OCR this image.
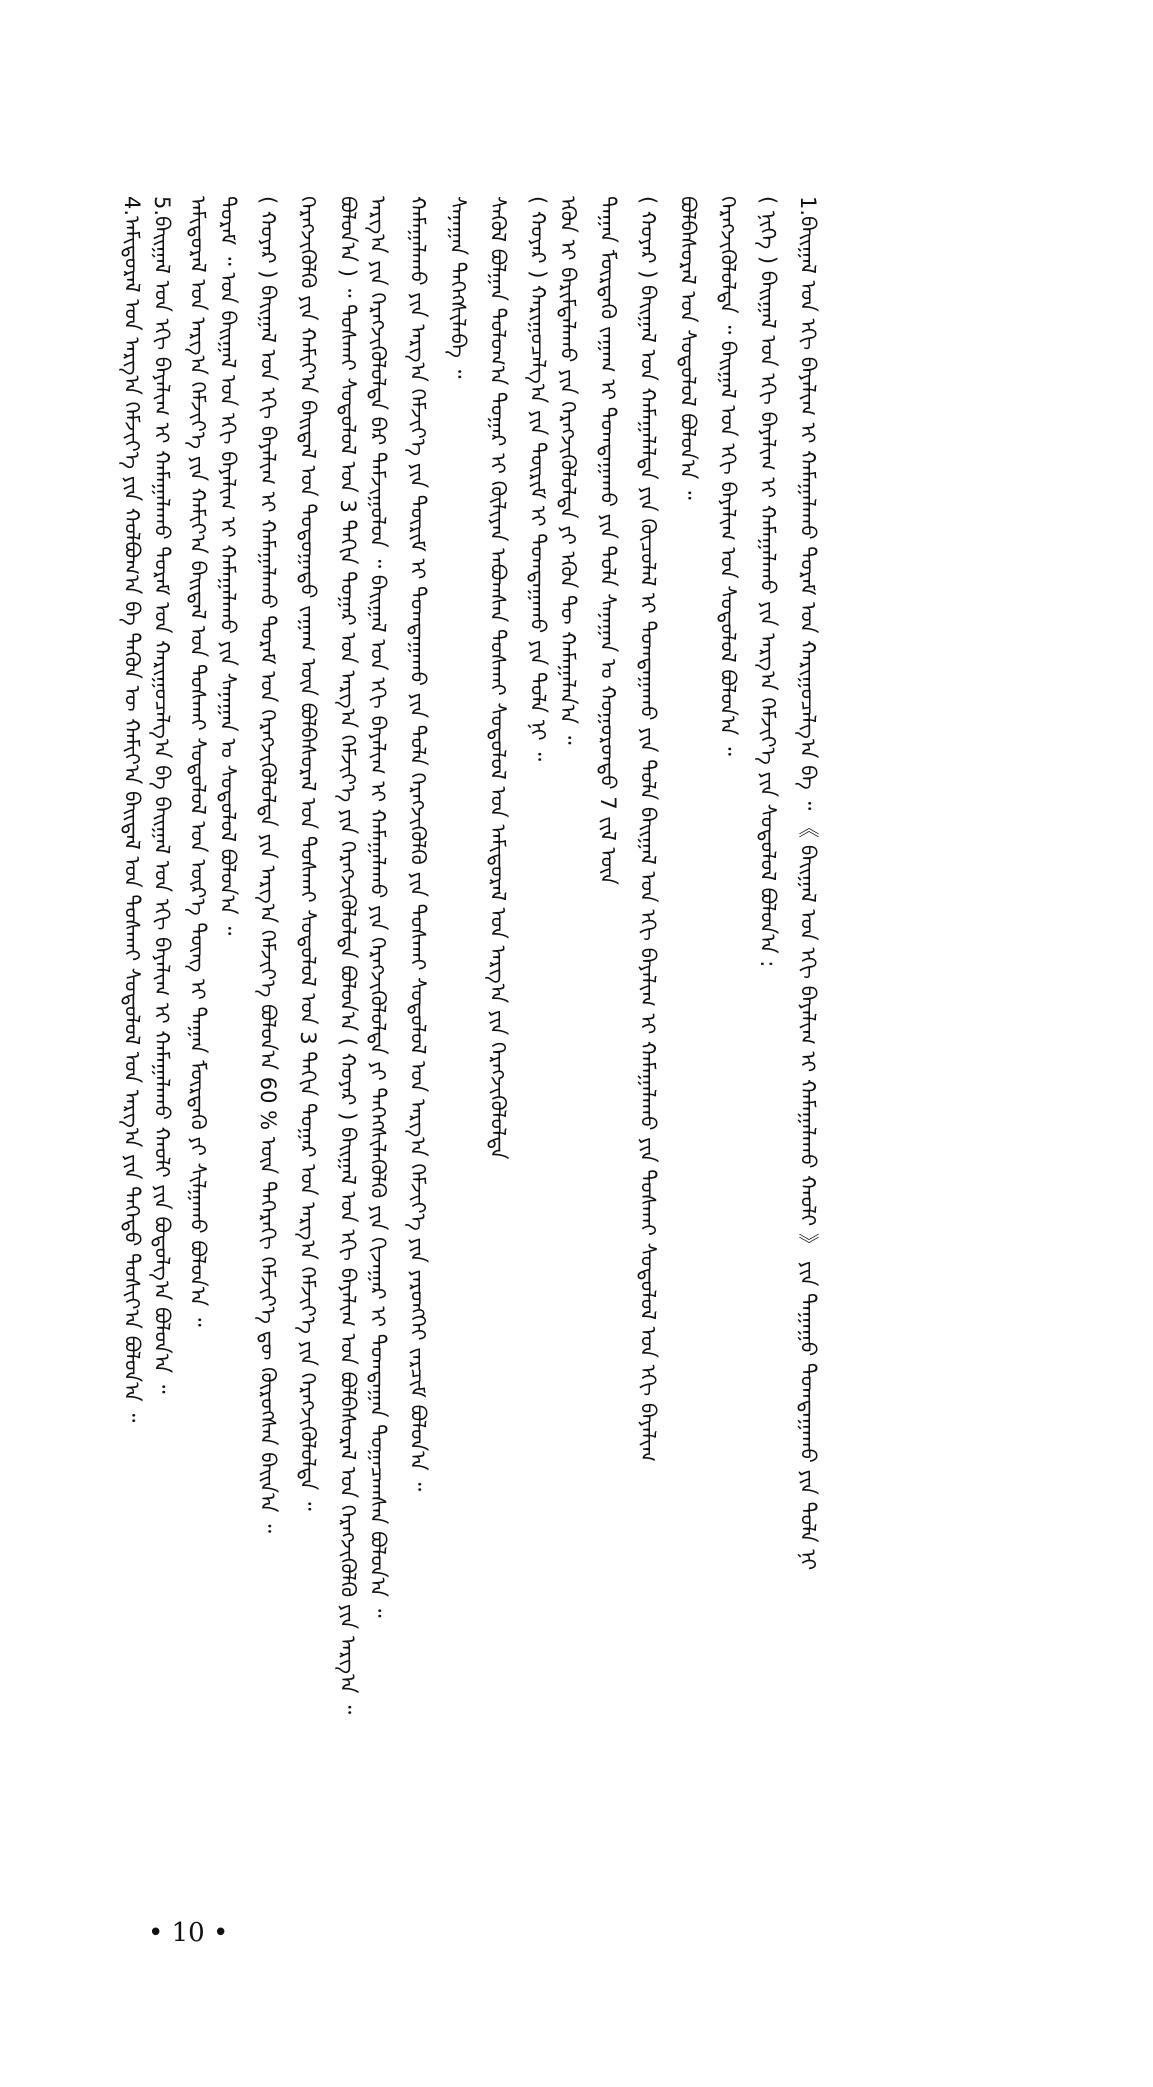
4.ᠠᠮᠢᠳᠤᠷᠠᠯ ᠤᠨ ᠠᠷᠭ᠎ᠠ ᠬᠡᠮᠵᠢᠶ᠎ᠡ ᠶᠢᠨ ᠬᠣᠯᠪᠣᠭ᠎ᠠ ᠪᠠ ᠲᠡᠭᠦᠨ ᠦ ᠬᠠᠮᠢᠶ᠎ᠠ ᠪᠠᠢᠳᠠᠯ ᠤᠨ ᠲᠤᠰᠬᠠᠢ ᠰᠤᠳᠤᠯᠤᠯ ᠤᠨ ᠠᠷᠭ᠎ᠠ ᠶᠢᠨ ᠳᠡᠭᠡᠳᠦ ᠳᠤᠰᠢᠶ᠎ᠠ ᠪᠣᠯᠤᠨ᠎ᠠ ᠃ 5.ᠪᠠᠢᠭᠠᠯ ᠤᠨ ᠡᠬᠢ ᠪᠠᠶᠠᠯᠢᠭ ᠢ ᠬᠠᠮᠠᠭᠠᠯᠠᠬᠤ ᠳᠤᠷᠠᠮ ᠤᠨ ᠬᠠᠷᠢᠭᠤᠴᠠᠯᠭ᠎ᠠ ᠪᠠ ᠪᠠᠢᠭᠠᠯ ᠤᠨ ᠡᠬᠢ ᠪᠠᠶᠠᠯᠢᠭ ᠢ ᠬᠠᠮᠠᠭᠠᠯᠠᠬᠤ ᠬᠠᠤᠯᠢ ᠶᠢᠨ ᠪᠣᠳᠤᠯᠭ᠎ᠠ ᠪᠣᠯᠤᠨ᠎ᠠ ᠃ ᠠᠮᠢᠳᠤᠷᠠᠯ ᠤᠨ ᠠᠷᠭ᠎ᠠ ᠬᠡᠮᠵᠢᠶ᠎ᠡ ᠶᠢᠨ ᠬᠠᠮᠢᠶ᠎ᠠ ᠪᠠᠢᠳᠠᠯ ᠤᠨ ᠲᠤᠰᠬᠠᠢ ᠰᠤᠳᠤᠯᠤᠯ ᠤᠨ ᠦᠷ᠎ᠡ ᠳᠦᠩ ᠢ ᠳᠠᠭᠠᠨ ᠮᠦᠷᠳᠡᠬᠦ ᠶᠢ ᠰᠢᠯᠭᠠᠬᠤ ᠪᠣᠯᠤᠨ᠎ᠠ ᠃ ᠳᠤᠷᠠᠮ ᠃ ᠤᠨ ᠪᠠᠢᠭᠠᠯ ᠤᠨ ᠡᠬᠢ ᠪᠠᠶᠠᠯᠢᠭ ᠢ ᠬᠠᠮᠠᠭᠠᠯᠠᠬᠤ ᠶᠢᠨ ᠰᠠᠨᠠᠭᠠᠨ ᠤ ᠰᠤᠳᠤᠯᠤᠯ ᠪᠣᠯᠤᠨ᠎ᠠ ᠃ ( ᠬᠣᠶᠠᠷ ) ᠪᠠᠢᠭᠠᠯ ᠤᠨ ᠡᠬᠢ ᠪᠠᠶᠠᠯᠢᠭ ᠢ ᠬᠠᠮᠠᠭᠠᠯᠠᠬᠤ ᠳᠤᠷᠠᠮ ᠤᠨ ᠬᠡᠷᠡᠭᠵᠢᠭᠦᠯᠦᠯᠲᠡ ᠶᠢᠨ ᠠᠷᠭ᠎ᠠ ᠬᠡᠮᠵᠢᠶ᠎ᠡ ᠪᠣᠯᠤᠨ᠎ᠠ 60 % ᠦᠨ ᠳᠡᠭᠡᠷᠡᠬᠢ ᠬᠡᠮᠵᠢᠶ᠎ᠡ ᠳᠦ ᠬᠦᠷᠦᠭᠰᠡᠨ ᠪᠠᠢᠨ᠎ᠠ ᠃ ᠬᠡᠷᠡᠭᠵᠢᠭᠦᠯᠬᠦ ᠶᠢᠨ ᠬᠠᠮᠢᠶ᠎ᠠ ᠪᠠᠢᠳᠠᠯ ᠤᠨ ᠳᠣᠲᠣᠭᠠᠳᠤ ᠵᠠᠭᠠᠭ ᠦᠨ ᠪᠣᠯᠪᠠᠰᠤᠷᠠᠯ ᠤᠨ ᠲᠤᠰᠬᠠᠢ ᠰᠤᠳᠤᠯᠤᠯ ᠤᠨ 3 ᠳᠠᠬᠢᠨ ᠳᠤᠭᠠᠷ ᠤᠨ ᠠᠷᠭ᠎ᠠ ᠬᠡᠮᠵᠢᠶ᠎ᠡ ᠶᠢᠨ ᠬᠡᠷᠡᠭᠵᠢᠭᠦᠯᠦᠯᠲᠡ ᠃ ᠪᠣᠯᠤᠨ᠎ᠠ ) ᠃ ᠲᠤᠰᠬᠠᠢ ᠰᠤᠳᠤᠯᠤᠯ ᠤᠨ 3 ᠳᠠᠬᠢᠨ ᠳᠤᠭᠠᠷ ᠤᠨ ᠠᠷᠭ᠎ᠠ ᠬᠡᠮᠵᠢᠶ᠎ᠡ ᠶᠢᠨ ᠬᠡᠷᠡᠭᠵᠢᠭᠦᠯᠦᠯᠲᠡ ᠪᠣᠯᠤᠨ᠎ᠠ ( ᠬᠣᠶᠠᠷ ) ᠪᠠᠢᠭᠠᠯ ᠤᠨ ᠡᠬᠢ ᠪᠠᠶᠠᠯᠢᠭ ᠤᠨ ᠪᠣᠯᠪᠠᠰᠤᠷᠠᠯ ᠤᠨ ᠬᠡᠷᠡᠭᠵᠢᠭᠦᠯᠬᠦ ᠶᠢᠨ ᠠᠷᠭ᠎ᠠ ᠃ ᠠᠷᠭ᠎ᠠ ᠶᠢᠨ ᠬᠡᠷᠡᠭᠵᠢᠭᠦᠯᠦᠯᠲᠡ ᠪᠡᠷ ᠳᠠᠮᠵᠢᠭᠤᠯᠤᠨ ᠃ ᠪᠠᠢᠭᠠᠯ ᠤᠨ ᠡᠬᠢ ᠪᠠᠶᠠᠯᠢᠭ ᠢ ᠬᠠᠮᠠᠭᠠᠯᠠᠬᠤ ᠶᠢᠨ ᠬᠡᠷᠡᠭᠵᠢᠭᠦᠯᠦᠯᠲᠡ ᠶᠢ ᠳᠡᠭᠡᠭᠰᠢᠯᠡᠭᠦᠯᠬᠦ ᠶᠢᠨ ᠬᠢᠵᠠᠭᠠᠷ ᠢ ᠲᠣᠭᠲᠠᠭᠠᠨ ᠲᠣᠭᠠᠴᠠᠭᠰᠠᠨ ᠪᠣᠯᠤᠨ᠎ᠠ ᠃ ᠬᠠᠮᠠᠭᠠᠯᠠᠬᠤ ᠶᠢᠨ ᠠᠷᠭ᠎ᠠ ᠬᠡᠮᠵᠢᠶ᠎ᠡ ᠶᠢᠨ ᠳᠦᠷᠢᠮ ᠢ ᠲᠣᠭᠲᠠᠭᠠᠬᠤ ᠶᠢᠨ ᠲᠤᠯᠠ ᠬᠡᠷᠡᠭᠵᠢᠭᠦᠯᠬᠦ ᠶᠢᠨ ᠲᠤᠰᠬᠠᠢ ᠰᠤᠳᠤᠯᠤᠯ ᠤᠨ ᠠᠷᠭ᠎ᠠ ᠬᠡᠮᠵᠢᠶ᠎ᠡ ᠶᠢᠨ ᠶᠡᠷᠦᠩᠬᠡᠢ ᠵᠠᠷᠴᠢᠮ ᠪᠣᠯᠤᠨ᠎ᠠ ᠃ ᠰᠠᠨᠠᠭᠠᠨ ᠳᠡᠭᠡᠭᠰᠢᠯᠡᠪᠡ ᠃ ᠰᠡᠭᠦᠯ ᠪᠣᠯᠭᠠᠨ ᠳᠤᠯᠤᠭ᠎ᠠ ᠳᠤᠭᠠᠷ ᠢ ᠬᠦᠯᠢᠶᠡᠨ ᠠᠪᠤᠭᠰᠠᠨ ᠲᠤᠰᠬᠠᠢ ᠰᠤᠳᠤᠯᠤᠯ ᠤᠨ ᠠᠮᠢᠳᠤᠷᠠᠯ ᠤᠨ ᠠᠷᠭ᠎ᠠ ᠶᠢᠨ ᠬᠡᠷᠡᠭᠵᠢᠭᠦᠯᠦᠯᠲᠡ ( ᠬᠣᠶᠠᠷ ) ᠬᠠᠷᠢᠭᠤᠴᠠᠯᠭ᠎ᠠ ᠶᠢᠨ ᠳᠦᠷᠢᠮ ᠢ ᠲᠣᠭᠲᠠᠭᠠᠬᠤ ᠶᠢᠨ ᠲᠤᠯᠠ ᠨᠢ ᠃ ᠡᠭᠦᠨ ᠢ ᠪᠠᠷᠢᠮᠲᠠᠯᠠᠬᠤ ᠶᠢᠨ ᠬᠡᠷᠡᠭᠵᠢᠭᠦᠯᠦᠯᠲᠡ ᠶᠢ ᠡᠭᠦᠨ ᠲᠦ ᠬᠠᠮᠠᠭᠠᠯᠠᠨ᠎ᠠ ᠃ ᠳᠠᠭᠠᠨ ᠮᠦᠷᠳᠡᠬᠦ ᠵᠠᠭᠠᠭ ᠢ ᠲᠣᠭᠲᠠᠭᠠᠬᠤ ᠶᠢᠨ ᠲᠤᠯᠠ ᠰᠠᠨᠠᠭᠠᠨ ᠤ ᠬᠣᠭᠤᠷᠤᠨᠳᠤ 7 ᠵᠢᠯ ᠦᠨ ( ᠬᠣᠶᠠᠷ ) ᠪᠠᠢᠭᠠᠯ ᠤᠨ ᠬᠠᠮᠠᠭᠠᠯᠠᠯᠲᠠ ᠶᠢᠨ ᠬᠦᠴᠦᠯᠡᠯ ᠢ ᠲᠣᠭᠲᠠᠭᠠᠬᠤ ᠶᠢᠨ ᠲᠤᠯᠠ ᠪᠠᠢᠭᠠᠯ ᠤᠨ ᠡᠬᠢ ᠪᠠᠶᠠᠯᠢᠭ ᠢ ᠬᠠᠮᠠᠭᠠᠯᠠᠬᠤ ᠶᠢᠨ ᠲᠤᠰᠬᠠᠢ ᠰᠤᠳᠤᠯᠤᠯ ᠤᠨ ᠡᠬᠢ ᠪᠠᠶᠠᠯᠢᠭ ᠪᠣᠯᠪᠠᠰᠤᠷᠠᠯ ᠤᠨ ᠰᠤᠳᠤᠯᠤᠯ ᠪᠣᠯᠤᠨ᠎ᠠ ᠃ ᠬᠡᠷᠡᠭᠵᠢᠭᠦᠯᠦᠯᠲᠡ ᠃ ᠪᠠᠢᠭᠠᠯ ᠤᠨ ᠡᠬᠢ ᠪᠠᠶᠠᠯᠢᠭ ᠤᠨ ᠰᠤᠳᠤᠯᠤᠯ ᠪᠣᠯᠤᠨ᠎ᠠ ᠃ ( ᠨᠢᠭᠡ ) ᠪᠠᠢᠭᠠᠯ ᠤᠨ ᠡᠬᠢ ᠪᠠᠶᠠᠯᠢᠭ ᠢ ᠬᠠᠮᠠᠭᠠᠯᠠᠬᠤ ᠶᠢᠨ ᠠᠷᠭ᠎ᠠ ᠬᠡᠮᠵᠢᠶ᠎ᠡ ᠶᠢᠨ ᠰᠤᠳᠤᠯᠤᠯ ᠪᠣᠯᠤᠨ᠎ᠠ : 1.ᠪᠠᠢᠭᠠᠯ ᠤᠨ ᠡᠬᠢ ᠪᠠᠶᠠᠯᠢᠭ ᠢ ᠬᠠᠮᠠᠭᠠᠯᠠᠬᠤ ᠳᠤᠷᠠᠮ ᠤᠨ ᠬᠠᠷᠢᠭᠤᠴᠠᠯᠭ᠎ᠠ ᠪᠠ ᠃ 《 ᠪᠠᠢᠭᠠᠯ ᠤᠨ ᠡᠬᠢ ᠪᠠᠶᠠᠯᠢᠭ ᠢ ᠬᠠᠮᠠᠭᠠᠯᠠᠬᠤ ᠬᠠᠤᠯᠢ 》 ᠶᠢᠨ ᠳᠠᠭᠠᠭᠤ ᠲᠣᠭᠲᠠᠭᠠᠬᠤ ᠶᠢᠨ ᠲᠤᠯᠠ ᠨᠢ
• 10 •
